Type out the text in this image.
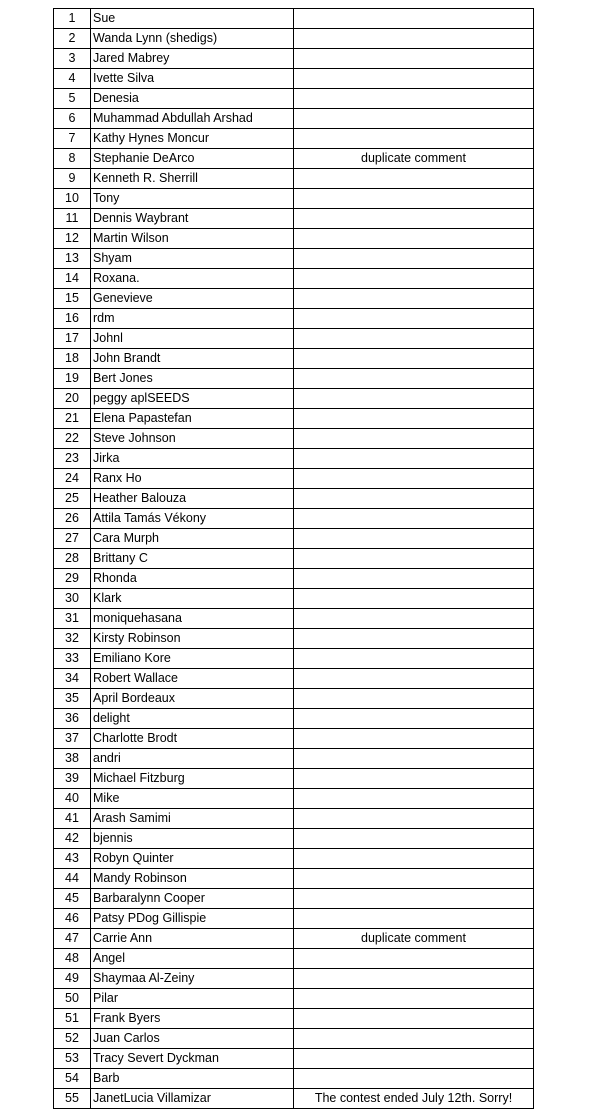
1	Sue	
2	Wanda Lynn (shedigs)	
3	Jared Mabrey	
4	Ivette Silva	
5	Denesia	
6	Muhammad Abdullah Arshad	
7	Kathy Hynes Moncur	
8	Stephanie DeArco	duplicate comment
9	Kenneth R. Sherrill	
10	Tony	
11	Dennis Waybrant	
12	Martin Wilson	
13	Shyam	
14	Roxana.	
15	Genevieve	
16	rdm	
17	Johnl	
18	John Brandt	
19	Bert Jones	
20	peggy aplSEEDS	
21	Elena Papastefan	
22	Steve Johnson	
23	Jirka	
24	Ranx Ho	
25	Heather Balouza	
26	Attila Tamás Vékony	
27	Cara Murph	
28	Brittany C	
29	Rhonda	
30	Klark	
31	moniquehasana	
32	Kirsty Robinson	
33	Emiliano Kore	
34	Robert Wallace	
35	April Bordeaux	
36	delight	
37	Charlotte Brodt	
38	andri	
39	Michael Fitzburg	
40	Mike	
41	Arash Samimi	
42	bjennis	
43	Robyn Quinter	
44	Mandy Robinson	
45	Barbaralynn Cooper	
46	Patsy PDog Gillispie	
47	Carrie Ann	duplicate comment
48	Angel	
49	Shaymaa Al-Zeiny	
50	Pilar	
51	Frank Byers	
52	Juan Carlos	
53	Tracy Severt Dyckman	
54	Barb	
55	JanetLucia Villamizar	The contest ended July 12th. Sorry!
